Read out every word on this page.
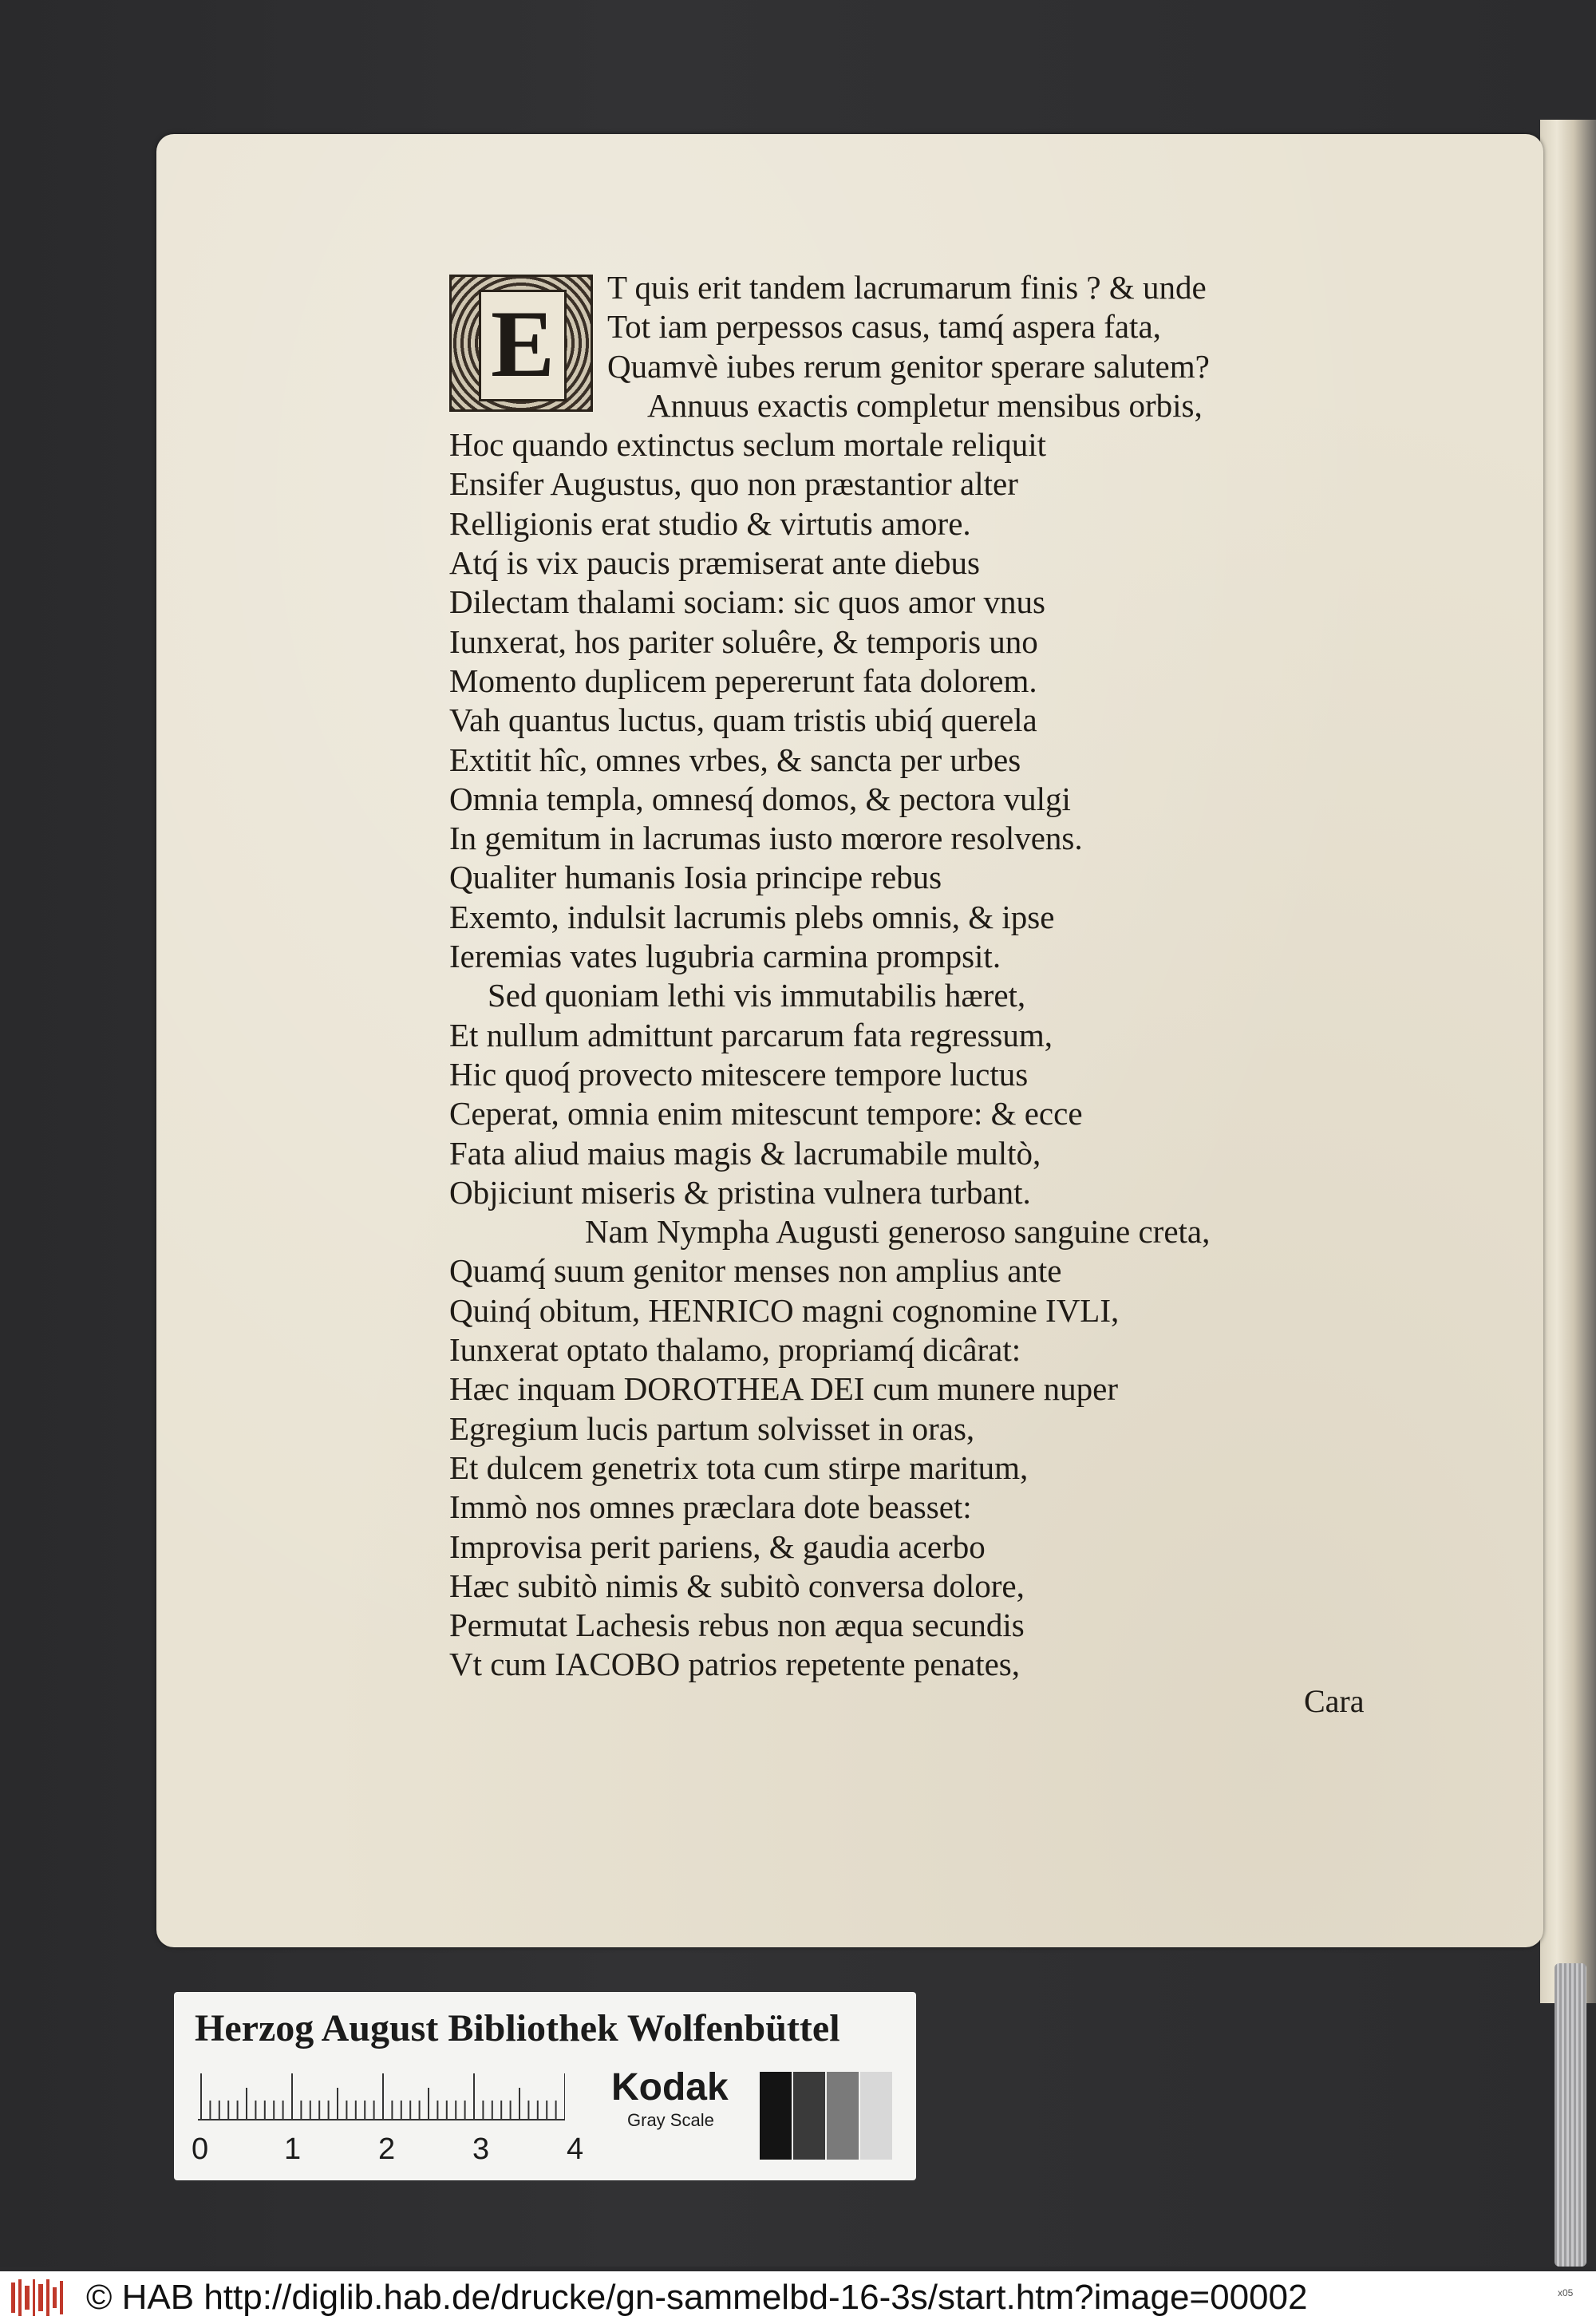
E
T quis erit tandem lacrumarum finis ? & unde
Tot iam perpessos casus, tamq́ aspera fata,
Quamvè iubes rerum genitor sperare salutem?
Annuus exactis completur mensibus orbis,
Hoc quando extinctus seclum mortale reliquit
Ensifer Augustus, quo non præstantior alter
Relligionis erat studio & virtutis amore.
Atq́ is vix paucis præmiserat ante diebus
Dilectam thalami sociam: sic quos amor vnus
Iunxerat, hos pariter soluêre, & temporis uno
Momento duplicem pepererunt fata dolorem.
Vah quantus luctus, quam tristis ubiq́ querela
Extitit hîc, omnes vrbes, & sancta per urbes
Omnia templa, omnesq́ domos, & pectora vulgi
In gemitum in lacrumas iusto mœrore resolvens.
Qualiter humanis Iosia principe rebus
Exemto, indulsit lacrumis plebs omnis, & ipse
Ieremias vates lugubria carmina prompsit.
Sed quoniam lethi vis immutabilis hæret,
Et nullum admittunt parcarum fata regressum,
Hic quoq́ provecto mitescere tempore luctus
Ceperat, omnia enim mitescunt tempore: & ecce
Fata aliud maius magis & lacrumabile multò,
Objiciunt miseris & pristina vulnera turbant.
Nam Nympha Augusti generoso sanguine creta,
Quamq́ suum genitor menses non amplius ante
Quinq́ obitum, HENRICO magni cognomine IVLI,
Iunxerat optato thalamo, propriamq́ dicârat:
Hæc inquam DOROTHEA DEI cum munere nuper
Egregium lucis partum solvisset in oras,
Et dulcem genetrix tota cum stirpe maritum,
Immò nos omnes præclara dote beasset:
Improvisa perit pariens, & gaudia acerbo
Hæc subitò nimis & subitò conversa dolore,
Permutat Lachesis rebus non æqua secundis
Vt cum IACOBO patrios repetente penates,
Cara
Herzog August Bibliothek Wolfenbüttel
0 1	2	3	4
Kodak
Gray Scale
© HAB http://diglib.hab.de/drucke/gn-sammelbd-16-3s/start.htm?image=00002	x05
